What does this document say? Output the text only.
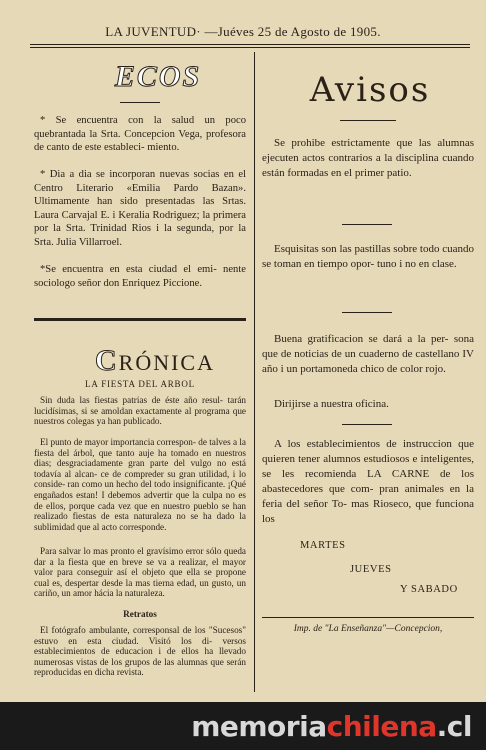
LA JUVENTUD· —Juéves 25 de Agosto de 1905.
ECOS

* Se encuentra con la salud un poco quebrantada la Srta. Concepcion Vega, profesora de canto de este estableci- miento.

* Dia a dia se incorporan nuevas socias en el Centro Literario «Emilia Pardo Bazan». Ultimamente han sido presentadas las Srtas. Laura Carvajal E. i Keralia Rodriguez; la primera por la Srta. Trinidad Rios i la segunda, por la Srta. Julia Villarroel.

*Se encuentra en esta ciudad el emi- nente sociologo señor don Enriquez Piccione.

CRÓNICA
LA FIESTA DEL ARBOL

Sin duda las fiestas patrias de éste año resul- tarán lucidísimas, si se amoldan exactamente al programa que nuestros colegas ya han publicado.

El punto de mayor importancia correspon- de talves a la fiesta del árbol, que tanto auje ha tomado en nuestros dias; desgraciadamente gran parte del vulgo no está todavía al alcan- ce de compreder su gran utilidad, i lo conside- ran como un hecho del todo insignificante. ¡Qué engañados estan! I debemos advertir que la culpa no es de ellos, porque cada vez que en nuestro pueblo se han realizado fiestas de esta naturaleza no se ha dado la sublimidad que al acto corresponde.

Para salvar lo mas pronto el gravísimo error sólo queda dar a la fiesta que en breve se va a realizar, el mayor valor para conseguir así el objeto que ella se propone cual es, despertar desde la mas tierna edad, un gusto, un cariño, un amor hácia la naturaleza.

Retratos

El fotógrafo ambulante, corresponsal de los "Sucesos" estuvo en esta ciudad. Visitó los di- versos establecimientos de educacion i de ellos ha llevado numerosas vistas de los grupos de las alumnas que serán reproducidas en dicha revista.

Avisos

Se prohibe estrictamente que las alumnas ejecuten actos contrarios a la disciplina cuando están formadas en el primer patio.

Esquisitas son las pastillas sobre todo cuando se toman en tiempo opor- tuno i no en clase.

Buena gratificacion se dará a la per- sona que de noticias de un cuaderno de castellano IV año i un portamoneda chico de color rojo.

Dirijirse a nuestra oficina.

A los establecimientos de instruccion que quieren tener alumnos estudiosos e inteligentes, se les recomienda LA CARNE de los abastecedores que com- pran animales en la feria del señor To- mas Rioseco, que funciona los

MARTES
JUEVES
Y SABADO
Imp. de "La Enseñanza"—Concepcion,
memoriachilena.cl
